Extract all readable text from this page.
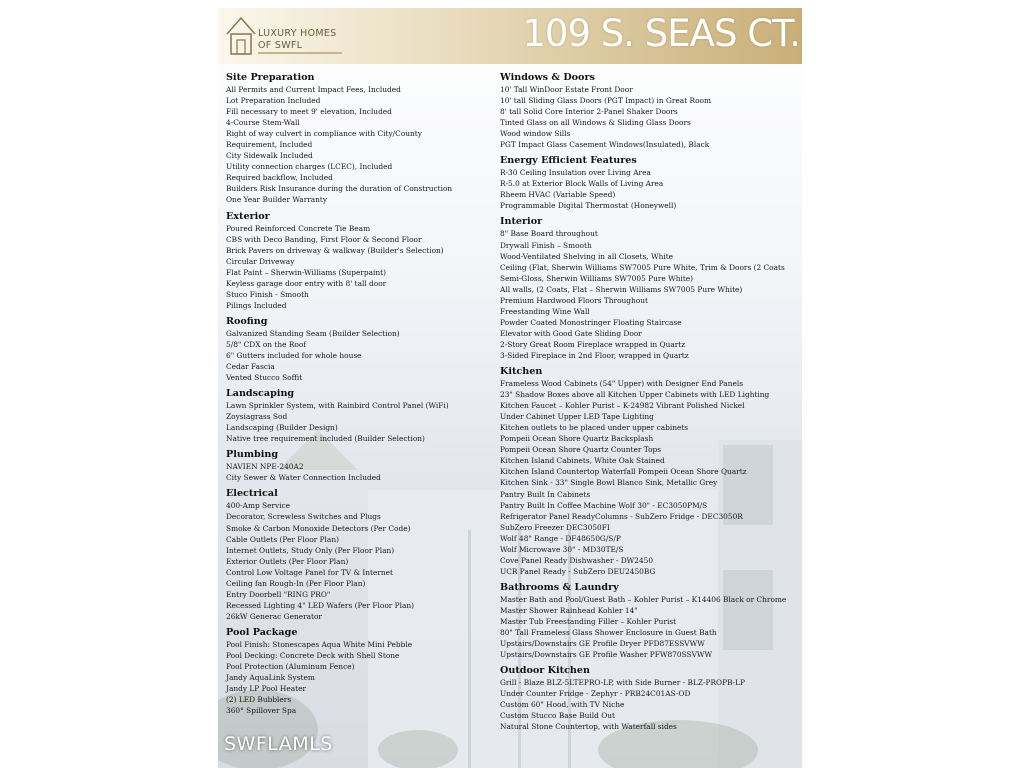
LUXURY HOMES
OF SWFL	109 S. SEAS CT.
Site Preparation
All Permits and Current Impact Fees, Included
Lot Preparation Included
Fill necessary to meet 9' elevation, Included
4-Course Stem-Wall
Right of way culvert in compliance with City/County
Requirement, Included
City Sidewalk Included
Utility connection charges (LCEC), Included
Required backflow, Included
Builders Risk Insurance during the duration of Construction
One Year Builder Warranty
Exterior
Poured Reinforced Concrete Tie Beam
CBS with Deco Banding, First Floor & Second Floor
Brick Pavers on driveway & walkway (Builder's Selection)
Circular Driveway
Flat Paint – Sherwin-Williams (Superpaint)
Keyless garage door entry with 8' tall door
Stuco Finish - Smooth
Pilings Included
Roofing
Galvanized Standing Seam (Builder Selection)
5/8" CDX on the Roof
6" Gutters included for whole house
Cedar Fascia
Vented Stucco Soffit
Landscaping
Lawn Sprinkler System, with Rainbird Control Panel (WiFi)
Zoysiagrass Sod
Landscaping (Builder Design)
Native tree requirement included (Builder Selection)
Plumbing
NAVIEN NPE-240A2
City Sewer & Water Connection Included
Electrical
400-Amp Service
Decorator, Screwless Switches and Plugs
Smoke & Carbon Monoxide Detectors (Per Code)
Cable Outlets (Per Floor Plan)
Internet Outlets, Study Only (Per Floor Plan)
Exterior Outlets (Per Floor Plan)
Control Low Voltage Panel for TV & Internet
Ceiling fan Rough-In (Per Floor Plan)
Entry Doorbell "RING PRO"
Recessed Lighting 4" LED Wafers (Per Floor Plan)
26kW Generac Generator
Pool Package
Pool Finish: Stonescapes Aqua White Mini Pebble
Pool Decking: Concrete Deck with Shell Stone
Pool Protection (Aluminum Fence)
Jandy AquaLink System
Jandy LP Pool Heater
(2) LED Bubblers
360° Spillover Spa
Windows & Doors
10' Tall WinDoor Estate Front Door
10' tall Sliding Glass Doors (PGT Impact) in Great Room
8' tall Solid Core Interior 2-Panel Shaker Doors
Tinted Glass on all Windows & Sliding Glass Doors
Wood window Sills
PGT Impact Glass Casement Windows(Insulated), Black
Energy Efficient Features
R-30 Ceiling Insulation over Living Area
R-5.0 at Exterior Block Walls of Living Area
Rheem HVAC (Variable Speed)
Programmable Digital Thermostat (Honeywell)
Interior
8" Base Board throughout
Drywall Finish – Smooth
Wood-Ventilated Shelving in all Closets, White
Ceiling (Flat, Sherwin Williams SW7005 Pure White, Trim & Doors (2 Coats
Semi-Gloss, Sherwin Williams SW7005 Pure White)
All walls, (2 Coats, Flat – Sherwin Williams SW7005 Pure White)
Premium Hardwood Floors Throughout
Freestanding Wine Wall
Powder Coated Monostringer Floating Staircase
Elevator with Good Gate Sliding Door
2-Story Great Room Fireplace wrapped in Quartz
3-Sided Fireplace in 2nd Floor, wrapped in Quartz
Kitchen
Frameless Wood Cabinets (54" Upper) with Designer End Panels
23" Shadow Boxes above all Kitchen Upper Cabinets with LED Lighting
Kitchen Faucet – Kohler Purist – K-24982 Vibrant Polished Nickel
Under Cabinet Upper LED Tape Lighting
Kitchen outlets to be placed under upper cabinets
Pompeii Ocean Shore Quartz Backsplash
Pompeii Ocean Shore Quartz Counter Tops
Kitchen Island Cabinets, White Oak Stained
Kitchen Island Countertop Waterfall Pompeii Ocean Shore Quartz
Kitchen Sink - 33" Single Bowl Blanco Sink, Metallic Grey
Pantry Built In Cabinets
Pantry Built In Coffee Machine Wolf 30" - EC3050PM/S
Refrigerator Panel ReadyColumns - SubZero Fridge - DEC3050R
SubZero Freezer DEC3050FI
Wolf 48" Range - DF48650G/S/P
Wolf Microwave 30" - MD30TE/S
Cove Panel Ready Dishwasher - DW2450
UCR Panel Ready - SubZero DEU2450BG
Bathrooms & Laundry
Master Bath and Pool/Guest Bath – Kohler Purist – K14406 Black or Chrome
Master Shower Rainhead Kohler 14"
Master Tub Freestanding Filler – Kohler Purist
80" Tall Frameless Glass Shower Enclosure in Guest Bath
Upstairs/Downstairs GE Profile Dryer PFD87ESSVWW
Upstairs/Downstairs GE Profile Washer PFW870SSVWW
Outdoor Kitchen
Grill - Blaze BLZ-5LTEPRO-LP, with Side Burner - BLZ-PROPB-LP
Under Counter Fridge - Zephyr - PRB24C01AS-OD
Custom 60" Hood, with TV Niche
Custom Stucco Base Build Out
Natural Stone Countertop, with Waterfall sides
SWFLAMLS
